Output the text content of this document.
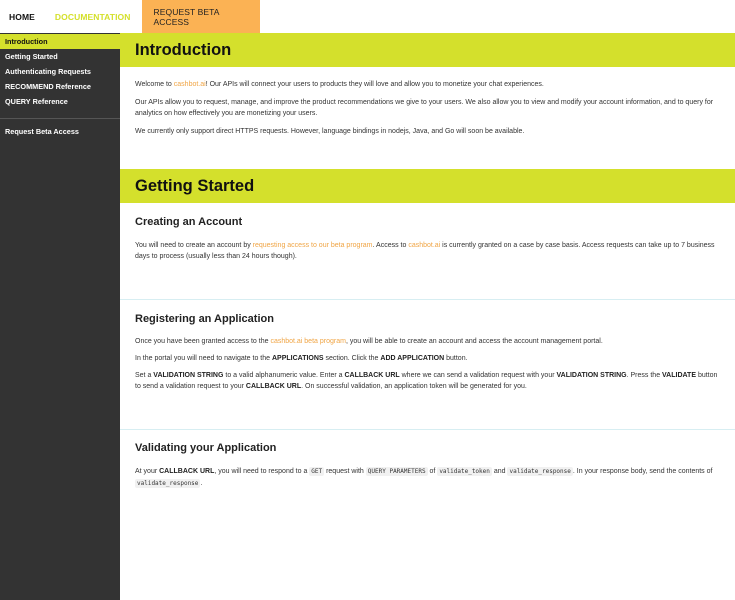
HOME	DOCUMENTATION	REQUEST BETA ACCESS
Introduction
Getting Started
Authenticating Requests
RECOMMEND Reference
QUERY Reference
Request Beta Access
Introduction
Welcome to cashbot.ai! Our APIs will connect your users to products they will love and allow you to monetize your chat experiences.
Our APIs allow you to request, manage, and improve the product recommendations we give to your users. We also allow you to view and modify your account information, and to query for analytics on how effectively you are monetizing your users.
We currently only support direct HTTPS requests. However, language bindings in nodejs, Java, and Go will soon be available.
Getting Started
Creating an Account
You will need to create an account by requesting access to our beta program. Access to cashbot.ai is currently granted on a case by case basis. Access requests can take up to 7 business days to process (usually less than 24 hours though).
Registering an Application
Once you have been granted access to the cashbot.ai beta program, you will be able to create an account and access the account management portal.
In the portal you will need to navigate to the APPLICATIONS section. Click the ADD APPLICATION button.
Set a VALIDATION STRING to a valid alphanumeric value. Enter a CALLBACK URL where we can send a validation request with your VALIDATION STRING. Press the VALIDATE button to send a validation request to your CALLBACK URL. On successful validation, an application token will be generated for you.
Validating your Application
At your CALLBACK URL, you will need to respond to a GET request with QUERY PARAMETERS of validate_token and validate_response . In your response body, send the contents of validate_response .
